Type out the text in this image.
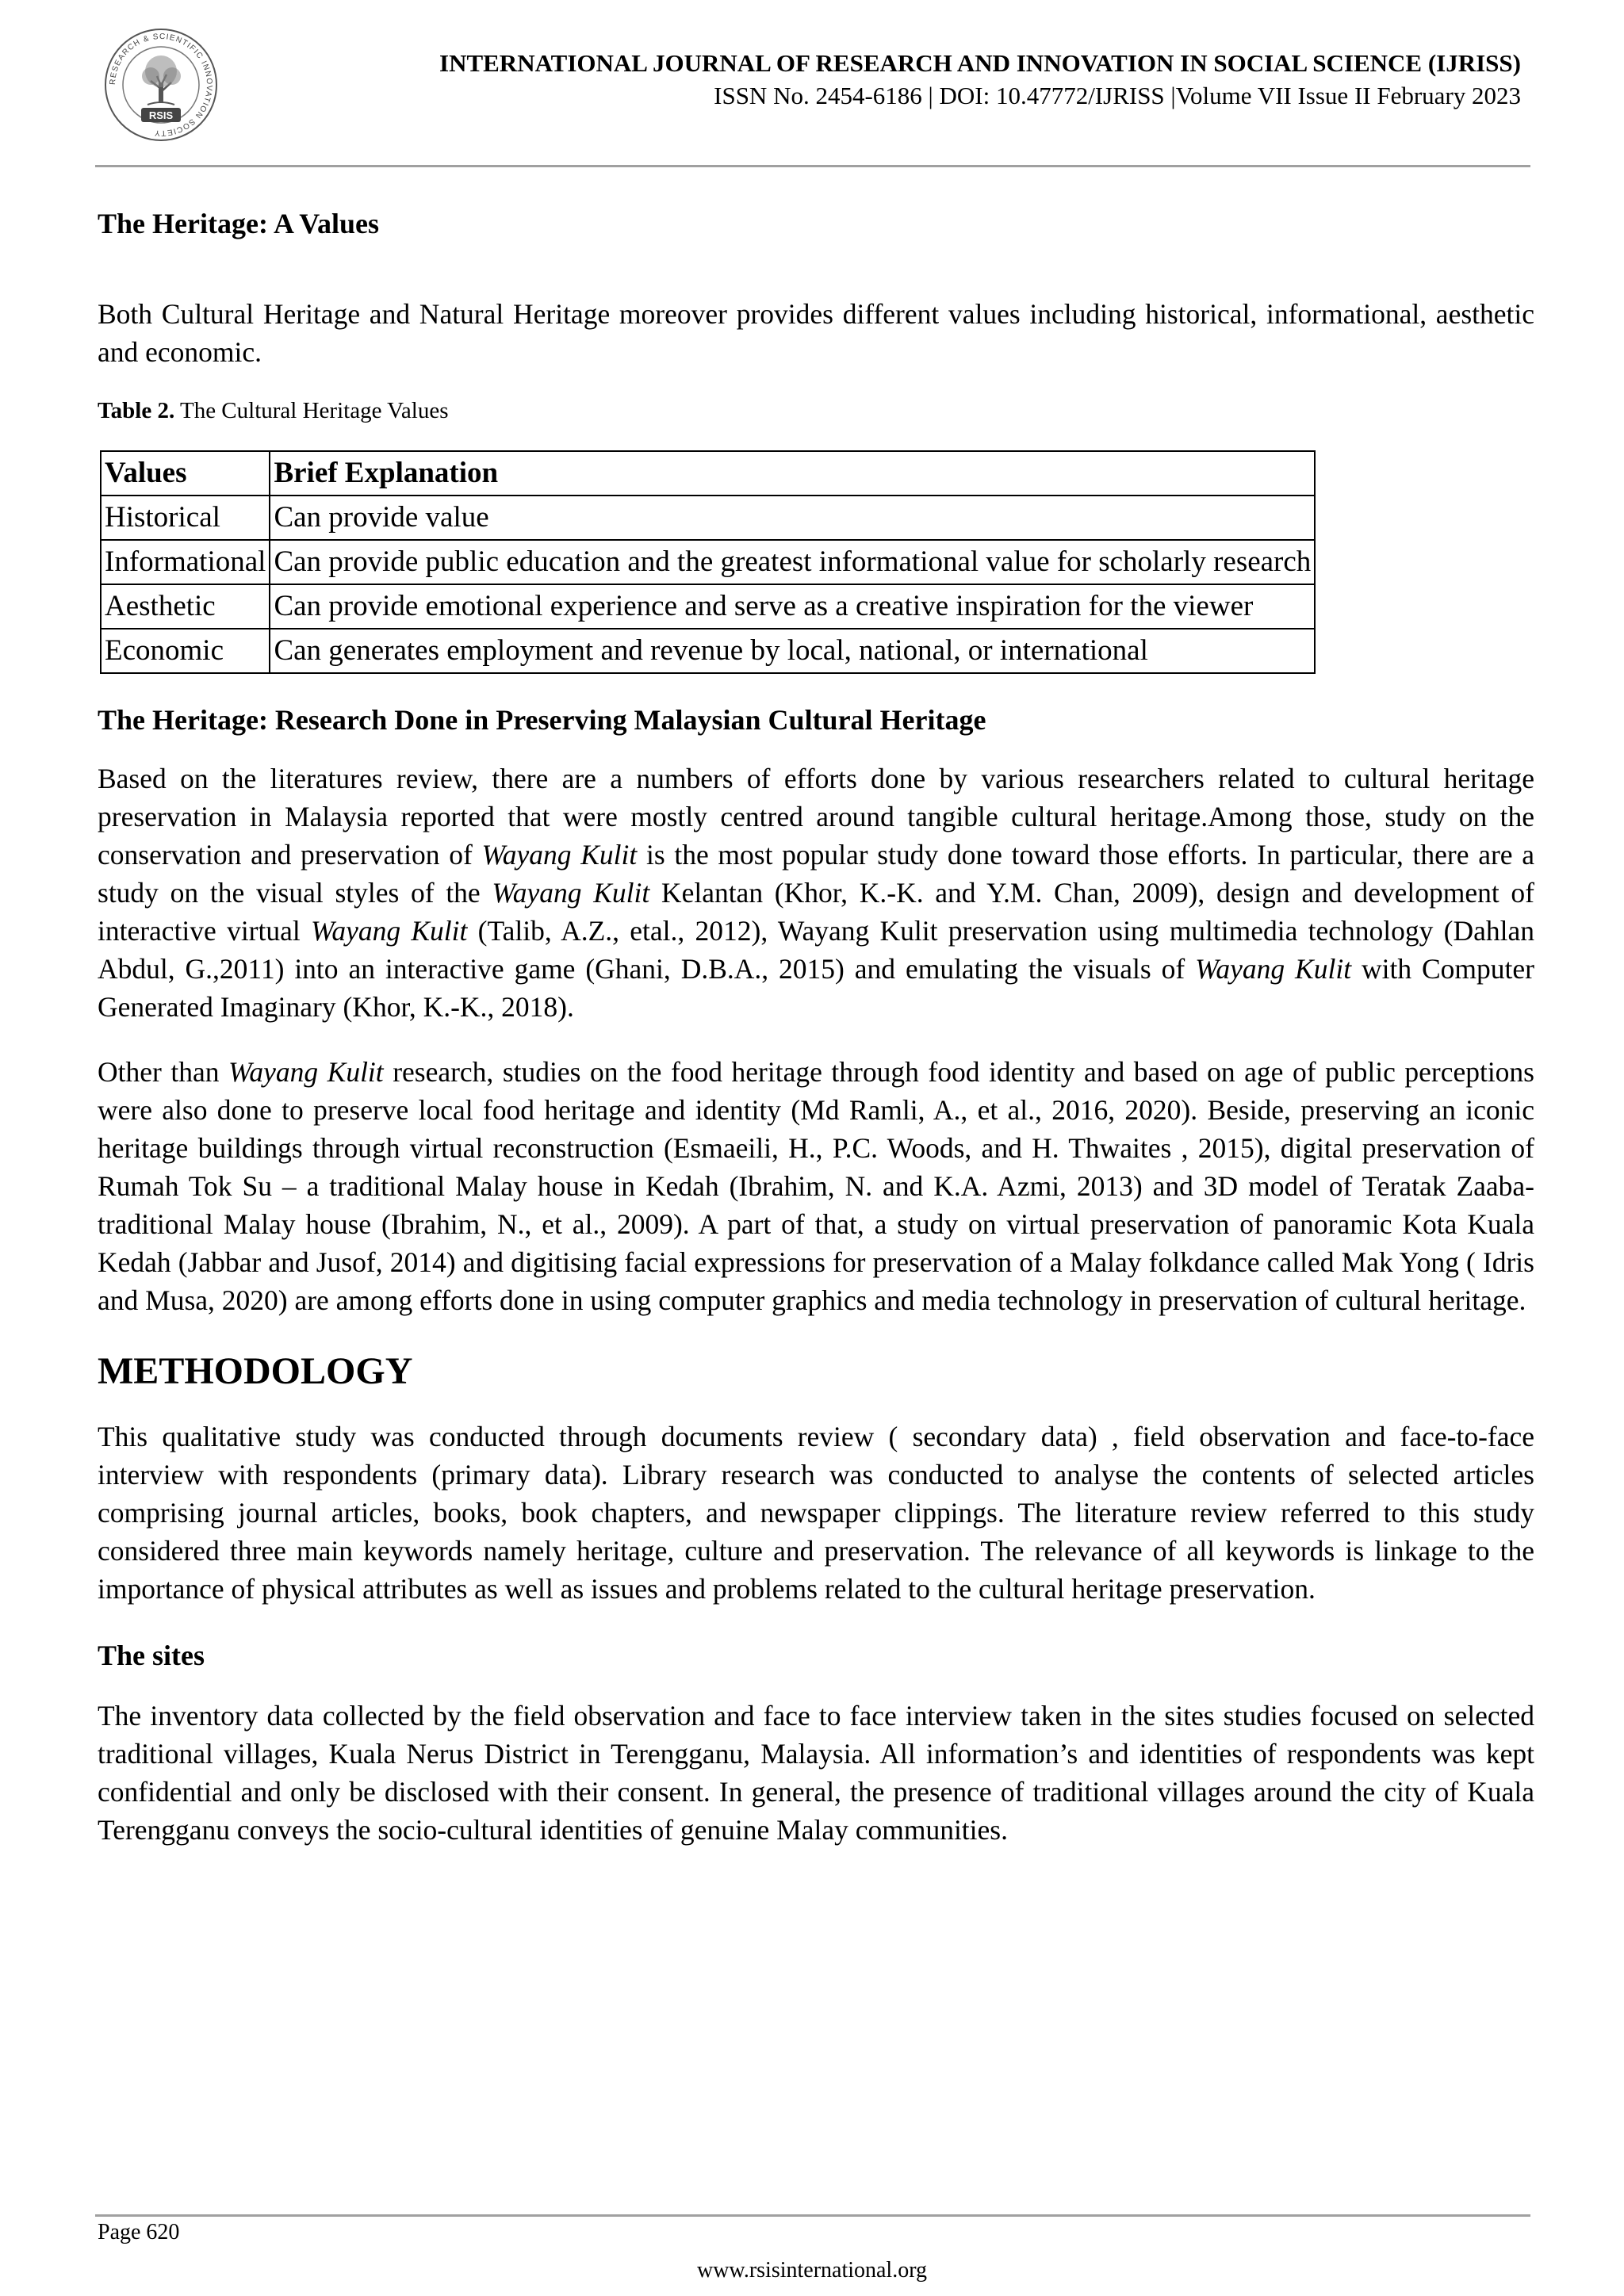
RESEARCH & SCIENTIFIC INNOVATION SOCIETY
RSIS
INTERNATIONAL JOURNAL OF RESEARCH AND INNOVATION IN SOCIAL SCIENCE (IJRISS)
ISSN No. 2454-6186 | DOI: 10.47772/IJRISS |Volume VII Issue II February 2023
The Heritage: A Values

Both Cultural Heritage and Natural Heritage moreover provides different values including historical, informational, aesthetic and economic.

Table 2. The Cultural Heritage Values
Values	Brief Explanation
Historical	Can provide value
Informational	Can provide public education and the greatest informational value for scholarly research
Aesthetic	Can provide emotional experience and serve as a creative inspiration for the viewer
Economic	Can generates employment and revenue by local, national, or international
The Heritage: Research Done in Preserving Malaysian Cultural Heritage

Based on the literatures review, there are a numbers of efforts done by various researchers related to cultural heritage preservation in Malaysia reported that were mostly centred around tangible cultural heritage.Among those, study on the conservation and preservation of Wayang Kulit is the most popular study done toward those efforts. In particular, there are a study on the visual styles of the Wayang Kulit Kelantan (Khor, K.-K. and Y.M. Chan, 2009), design and development of interactive virtual Wayang Kulit (Talib, A.Z., etal., 2012), Wayang Kulit preservation using multimedia technology (Dahlan Abdul, G.,2011) into an interactive game (Ghani, D.B.A., 2015) and emulating the visuals of Wayang Kulit with Computer Generated Imaginary (Khor, K.-K., 2018).

Other than Wayang Kulit research, studies on the food heritage through food identity and based on age of public perceptions were also done to preserve local food heritage and identity (Md Ramli, A., et al., 2016, 2020). Beside, preserving an iconic heritage buildings through virtual reconstruction (Esmaeili, H., P.C. Woods, and H. Thwaites , 2015), digital preservation of Rumah Tok Su – a traditional Malay house in Kedah (Ibrahim, N. and K.A. Azmi, 2013) and 3D model of Teratak Zaaba- traditional Malay house (Ibrahim, N., et al., 2009). A part of that, a study on virtual preservation of panoramic Kota Kuala Kedah (Jabbar and Jusof, 2014) and digitising facial expressions for preservation of a Malay folkdance called Mak Yong ( Idris and Musa, 2020) are among efforts done in using computer graphics and media technology in preservation of cultural heritage.

METHODOLOGY

This qualitative study was conducted through documents review ( secondary data) , field observation and face-to-face interview with respondents (primary data). Library research was conducted to analyse the contents of selected articles comprising journal articles, books, book chapters, and newspaper clippings. The literature review referred to this study considered three main keywords namely heritage, culture and preservation. The relevance of all keywords is linkage to the importance of physical attributes as well as issues and problems related to the cultural heritage preservation.

The sites

The inventory data collected by the field observation and face to face interview taken in the sites studies focused on selected traditional villages, Kuala Nerus District in Terengganu, Malaysia. All information’s and identities of respondents was kept confidential and only be disclosed with their consent. In general, the presence of traditional villages around the city of Kuala Terengganu conveys the socio-cultural identities of genuine Malay communities.

Page 620
www.rsisinternational.org
